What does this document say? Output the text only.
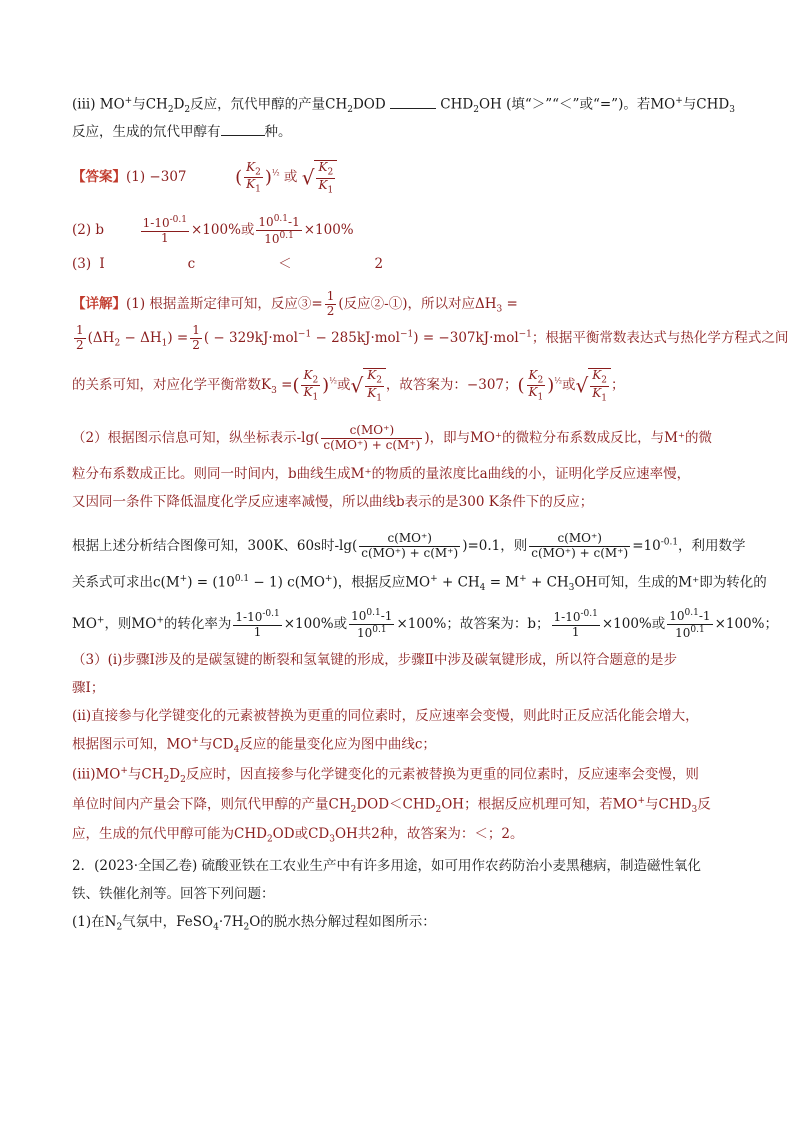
(iii) MO+与$CH_2D_2$反应，氘代甲醇的产量$CH_2DOD$	$CHD_2OH$ (填“＞”“＜”或“=”)。若MO+与$CHD_3$
反应，生成的氘代甲醇有	种。
【答案】(1) −307	( $\frac{K_2}{K_1} )^{\frac{1}{2}}$ 或 √ $\frac{K_2}{K_1}$
(2) b	$\frac{1-10^{-0.1}}{1} \times 100\%$或 $\frac{10^{0.1}-1}{10^{0.1}} \times 100\%$
(3) I          c          ＜          2
【详解】(1) 根据盖斯定律可知，反应③= $\frac{1}{2}$ (反应②-①)，所以对应$\Delta H_3$ =
$\frac{1}{2} (\Delta H_2 - \Delta H_1) = \frac{1}{2}$ ( − 329kJ·mol$^{-1}$ − 285kJ·mol$^{-1}$) = −307kJ·mol$^{-1}$；根据平衡常数表达式与热化学方程式之间
的关系可知，对应化学平衡常数$K_3$ =( $\frac{K_2}{K_1} )^{\frac{1}{2}}$或√ $\frac{K_2}{K_1}$ ，故答案为：−307；( $\frac{K_2}{K_1} )^{\frac{1}{2}}$或√ $\frac{K_2}{K_1}$ ；
（2）根据图示信息可知，纵坐标表示$-\lg( \frac{c(MO^+)}{c(MO^+) + c(M^+)}$ )，即与MO⁺的微粒分布系数成反比，与M⁺的微
粒分布系数成正比。则同一时间内，b曲线生成M⁺的物质的量浓度比a曲线的小，证明化学反应速率慢，
又因同一条件下降低温度化学反应速率减慢，所以曲线b表示的是300 K条件下的反应；
根据上述分析结合图像可知，300K、60s时$-\lg( \frac{c(MO^+)}{c(MO^+) + c(M^+)} )=0.1$，则 $\frac{c(MO^+)}{c(MO^+) + c(M^+)} =10^{-0.1}$，利用数学
关系式可求出$c(M^+) = (10^{0.1} - 1)$ c(MO+)，根据反应$MO^+ + CH_4 = M^+ + CH_3OH$可知，生成的M⁺即为转化的
MO+，则MO+的转化率为 $\frac{1-10^{-0.1}}{1} \times 100\%$或 $\frac{10^{0.1}-1}{10^{0.1}} \times 100\%$；故答案为：b； $\frac{1-10^{-0.1}}{1} \times 100\%$或 $\frac{10^{0.1}-1}{10^{0.1}} \times 100\%$；
（3）(ⅰ)步骤Ⅰ涉及的是碳氢键的断裂和氢氧键的形成，步骤Ⅱ中涉及碳氧键形成，所以符合题意的是步
骤Ⅰ；
(ⅱ)直接参与化学键变化的元素被替换为更重的同位素时，反应速率会变慢，则此时正反应活化能会增大，
根据图示可知，MO+与$CD_4$反应的能量变化应为图中曲线c；
(ⅲ)MO+与$CH_2D_2$反应时，因直接参与化学键变化的元素被替换为更重的同位素时，反应速率会变慢，则
单位时间内产量会下降，则氘代甲醇的产量$CH_2DOD<CHD_2OH$；根据反应机理可知，若MO+与$CHD_3$反
应，生成的氘代甲醇可能为$CHD_2OD$或$CD_3OH$共2种，故答案为：＜；2。
2．(2023·全国乙卷) 硫酸亚铁在工农业生产中有许多用途，如可用作农药防治小麦黑穗病，制造磁性氧化
铁、铁催化剂等。回答下列问题：
(1)在$N_2$气氛中，$FeSO_4\cdot 7H_2O$的脱水热分解过程如图所示：
